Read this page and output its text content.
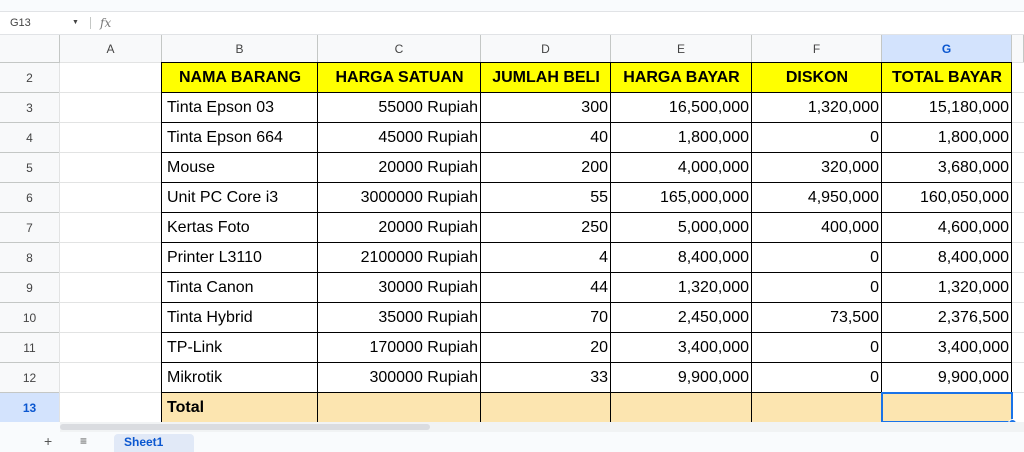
G13	▼ fx
A	B	C	D	E	F	G
2
3
4
5
6
7
8
9
10
11
12
13
NAMA BARANG	HARGA SATUAN	JUMLAH BELI	HARGA BAYAR	DISKON	TOTAL BAYAR
Tinta Epson 03	55000 Rupiah	300	16,500,000	1,320,000	15,180,000
Tinta Epson 664	45000 Rupiah	40	1,800,000	0	1,800,000
Mouse	20000 Rupiah	200	4,000,000	320,000	3,680,000
Unit PC Core i3	3000000 Rupiah	55	165,000,000	4,950,000	160,050,000
Kertas Foto	20000 Rupiah	250	5,000,000	400,000	4,600,000
Printer L3110	2100000 Rupiah	4	8,400,000	0	8,400,000
Tinta Canon	30000 Rupiah	44	1,320,000	0	1,320,000
Tinta Hybrid	35000 Rupiah	70	2,450,000	73,500	2,376,500
TP-Link	170000 Rupiah	20	3,400,000	0	3,400,000
Mikrotik	300000 Rupiah	33	9,900,000	0	9,900,000
Total
+ ≡	Sheet1
